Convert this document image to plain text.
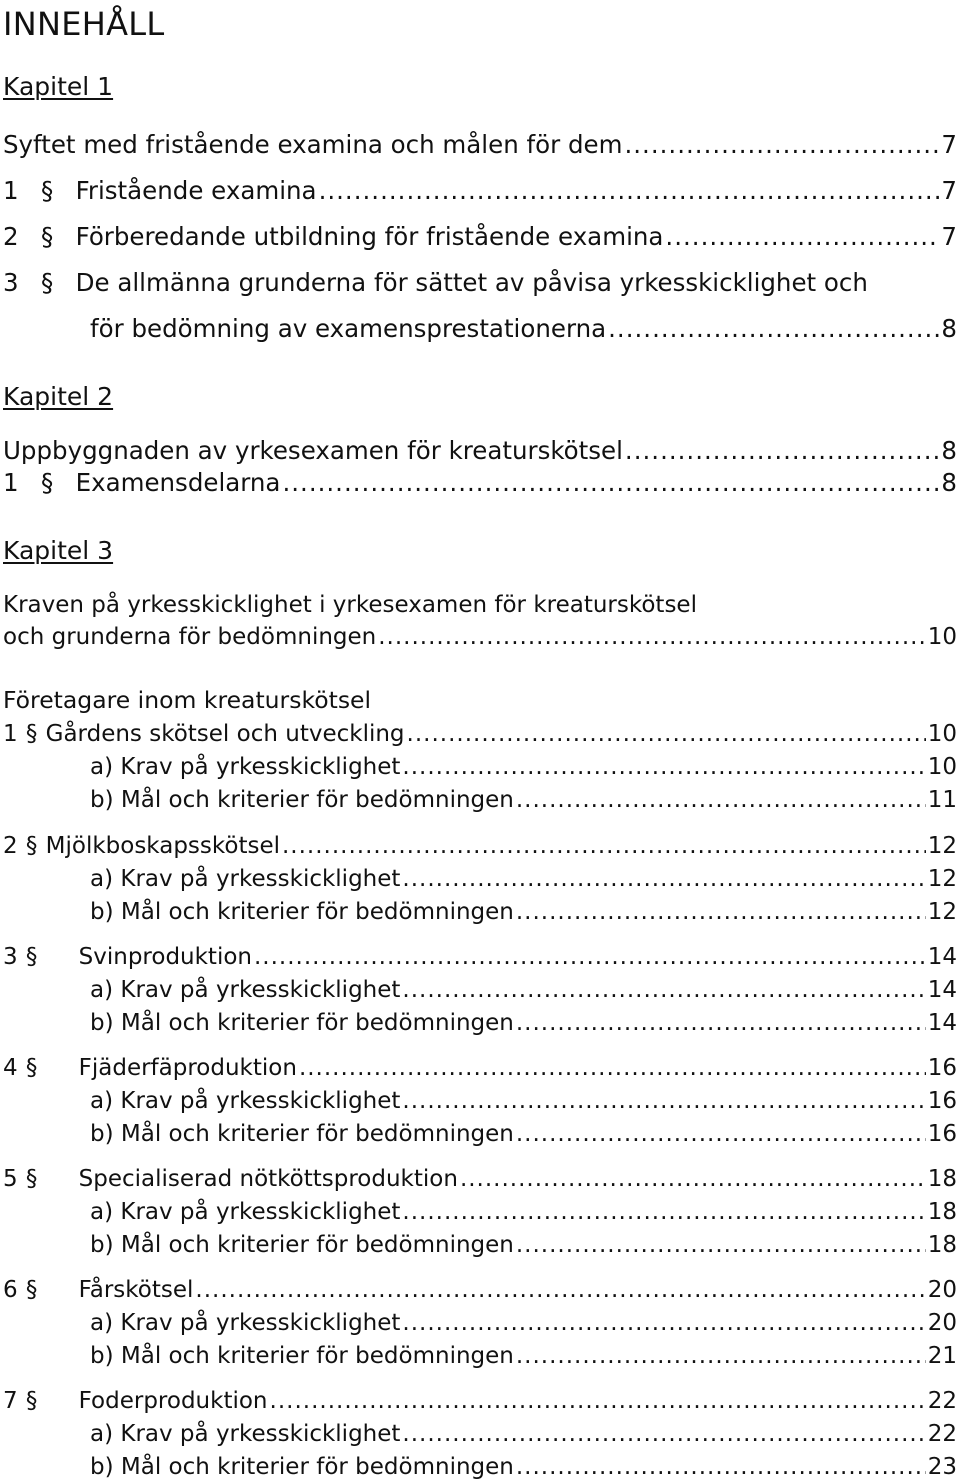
INNEHÅLL
Kapitel 1
Syftet med fristående examina och målen för dem .....	7
1 § Fristående examina .....	7
2 § Förberedande utbildning för fristående examina .....	7
3 § De allmänna grunderna för sättet av påvisa yrkesskicklighet och
för bedömning av examensprestationerna .....	8
Kapitel 2
Uppbyggnaden av yrkesexamen för kreaturskötsel .....	8
1 § Examensdelarna .....	8
Kapitel 3
Kraven på yrkesskicklighet i yrkesexamen för kreaturskötsel
och grunderna för bedömningen .....	10
Företagare inom kreaturskötsel
1 § Gårdens skötsel och utveckling .....	10
a) Krav på yrkesskicklighet .....	10
b) Mål och kriterier för bedömningen .....	11
2 § Mjölkboskapsskötsel .....	12
a) Krav på yrkesskicklighet .....	12
b) Mål och kriterier för bedömningen .....	12
3 §	Svinproduktion .....	14
a) Krav på yrkesskicklighet .....	14
b) Mål och kriterier för bedömningen .....	14
4 §	Fjäderfäproduktion .....	16
a) Krav på yrkesskicklighet .....	16
b) Mål och kriterier för bedömningen .....	16
5 §	Specialiserad nötköttsproduktion .....	18
a) Krav på yrkesskicklighet .....	18
b) Mål och kriterier för bedömningen .....	18
6 §	Fårskötsel .....	20
a) Krav på yrkesskicklighet .....	20
b) Mål och kriterier för bedömningen .....	21
7 §	Foderproduktion .....	22
a) Krav på yrkesskicklighet .....	22
b) Mål och kriterier för bedömningen .....	23
